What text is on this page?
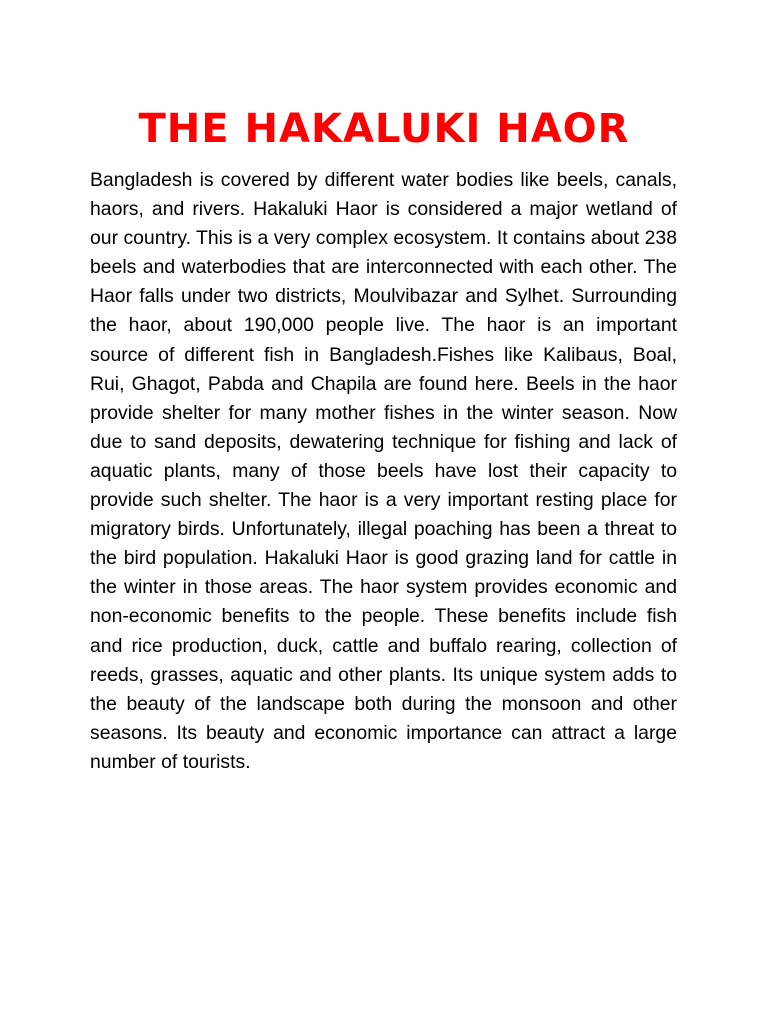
THE HAKALUKI HAOR

Bangladesh is covered by different water bodies like beels, canals, haors, and rivers. Hakaluki Haor is considered a major wetland of our country. This is a very complex ecosystem. It contains about 238 beels and waterbodies that are interconnected with each other. The Haor falls under two districts, Moulvibazar and Sylhet. Surrounding the haor, about 190,000 people live. The haor is an important source of different fish in Bangladesh.Fishes like Kalibaus, Boal, Rui, Ghagot, Pabda and Chapila are found here. Beels in the haor provide shelter for many mother fishes in the winter season. Now due to sand deposits, dewatering technique for fishing and lack of aquatic plants, many of those beels have lost their capacity to provide such shelter. The haor is a very important resting place for migratory birds. Unfortunately, illegal poaching has been a threat to the bird population. Hakaluki Haor is good grazing land for cattle in the winter in those areas. The haor system provides economic and non-economic benefits to the people. These benefits include fish and rice production, duck, cattle and buffalo rearing, collection of reeds, grasses, aquatic and other plants. Its unique system adds to the beauty of the landscape both during the monsoon and other seasons. Its beauty and economic importance can attract a large number of tourists.
